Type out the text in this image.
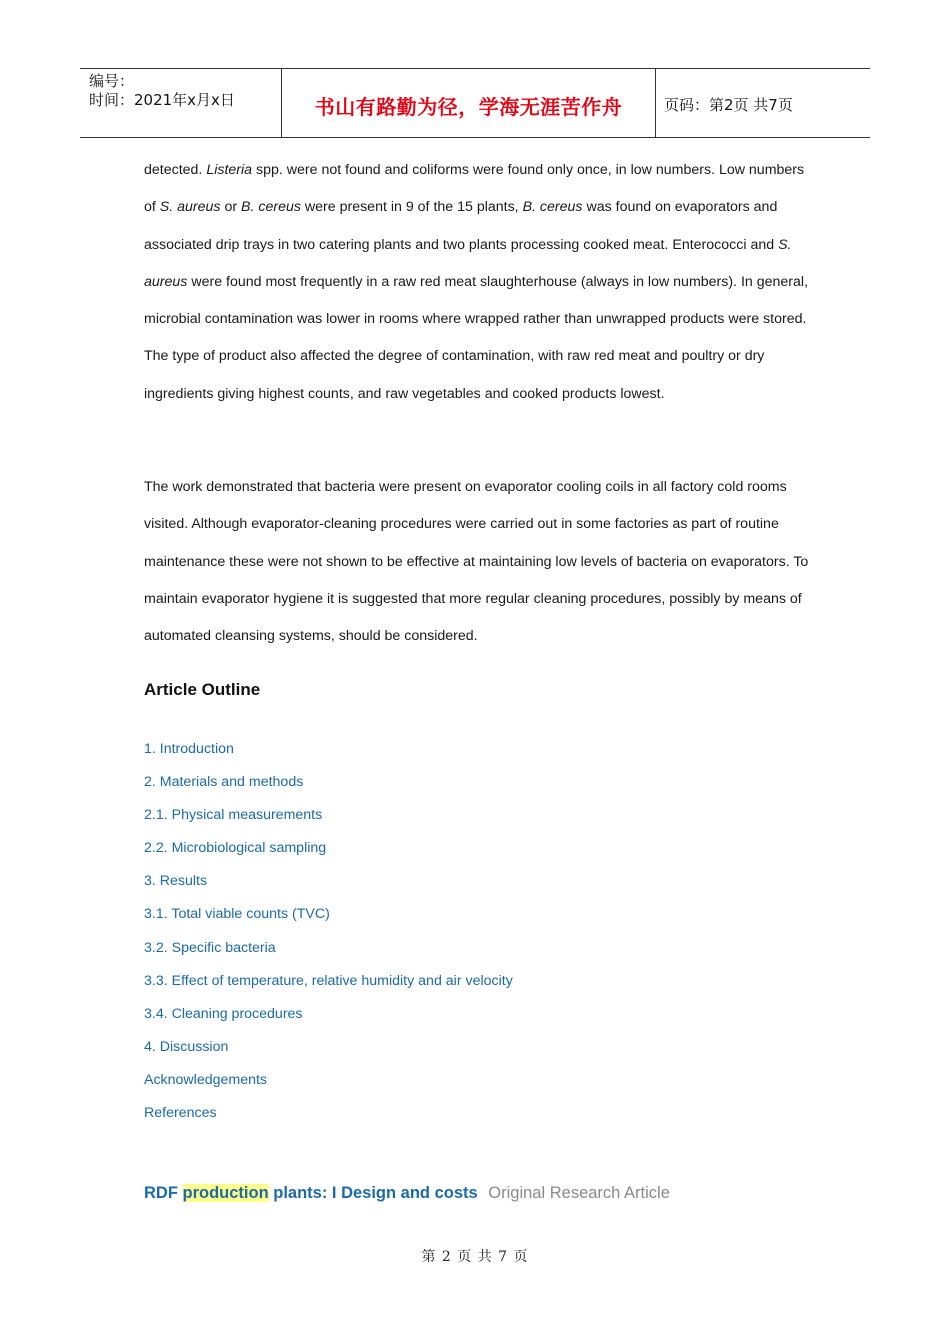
编号：
时间：2021年x月x日	书山有路勤为径，学海无涯苦作舟	页码：第2页 共7页

detected. Listeria spp. were not found and coliforms were found only once, in low numbers. Low numbers of S. aureus or B. cereus were present in 9 of the 15 plants, B. cereus was found on evaporators and associated drip trays in two catering plants and two plants processing cooked meat. Enterococci and S. aureus were found most frequently in a raw red meat slaughterhouse (always in low numbers). In general, microbial contamination was lower in rooms where wrapped rather than unwrapped products were stored. The type of product also affected the degree of contamination, with raw red meat and poultry or dry ingredients giving highest counts, and raw vegetables and cooked products lowest.

The work demonstrated that bacteria were present on evaporator cooling coils in all factory cold rooms visited. Although evaporator-cleaning procedures were carried out in some factories as part of routine maintenance these were not shown to be effective at maintaining low levels of bacteria on evaporators. To maintain evaporator hygiene it is suggested that more regular cleaning procedures, possibly by means of automated cleansing systems, should be considered.

Article Outline
1. Introduction
2. Materials and methods
2.1. Physical measurements
2.2. Microbiological sampling
3. Results
3.1. Total viable counts (TVC)
3.2. Specific bacteria
3.3. Effect of temperature, relative humidity and air velocity
3.4. Cleaning procedures
4. Discussion
Acknowledgements
References
RDF production plants: I Design and costs Original Research Article
第 2 页 共 7 页
